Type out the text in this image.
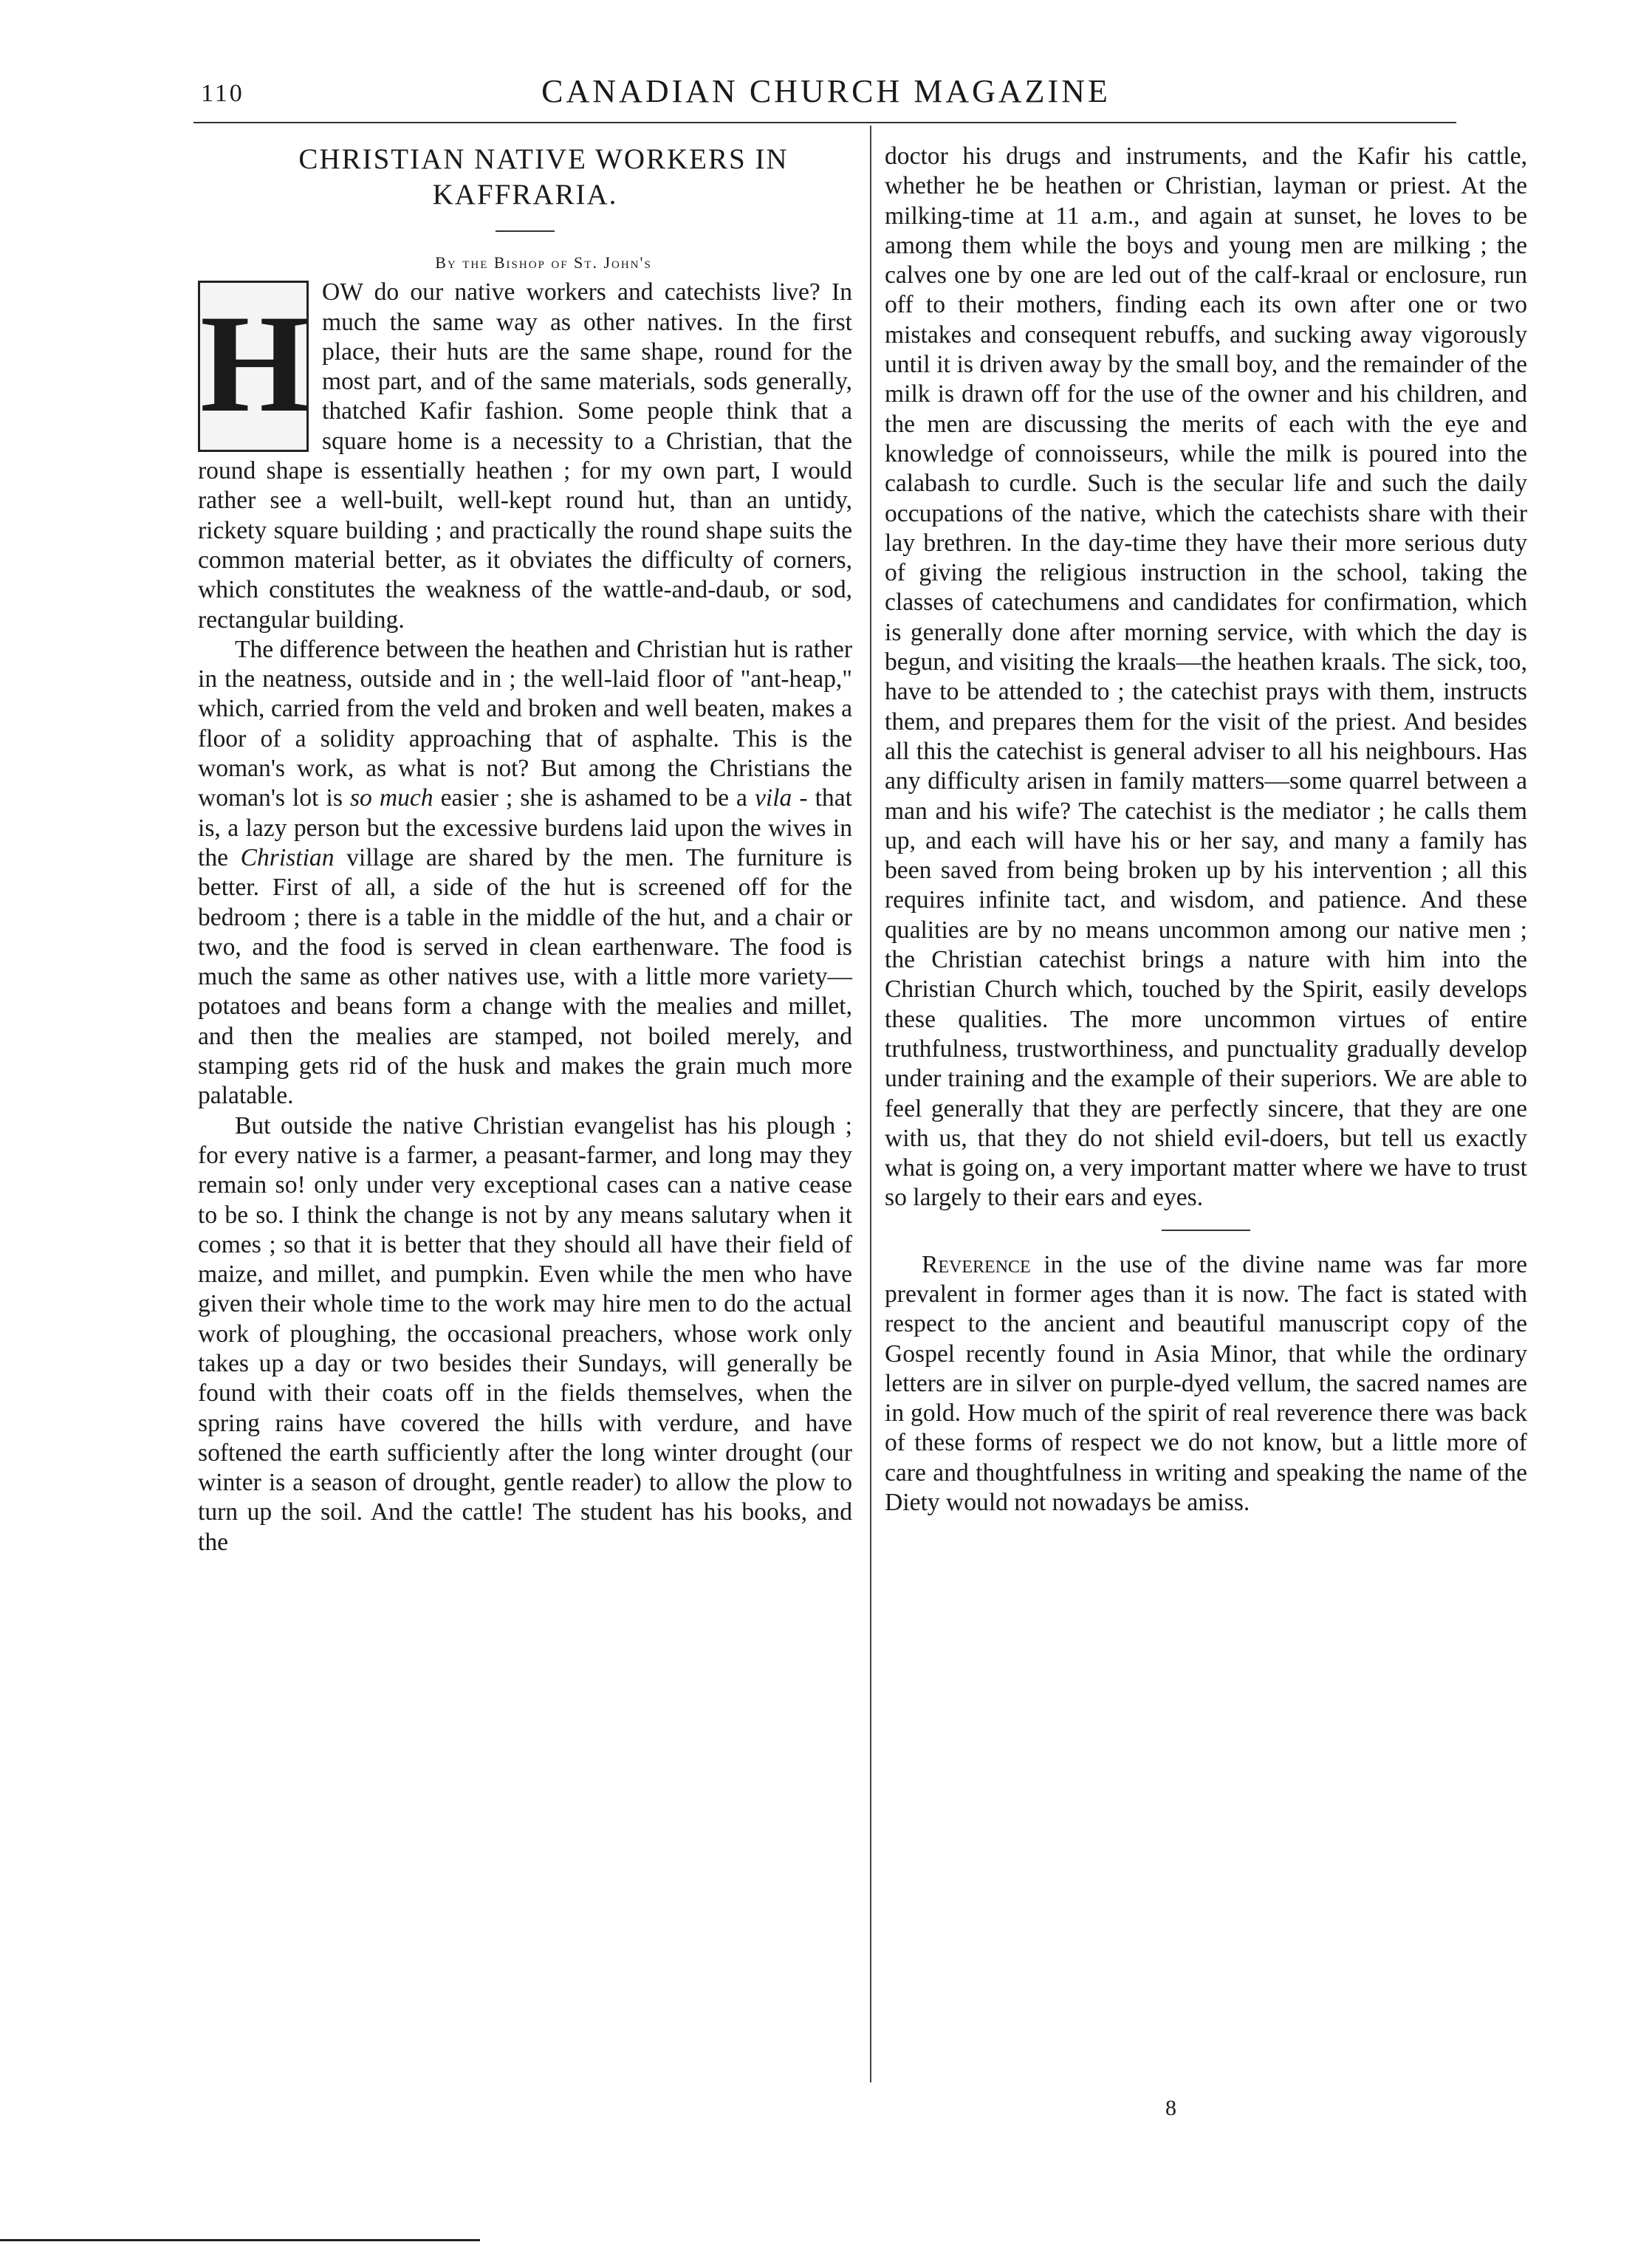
110	CANADIAN CHURCH MAGAZINE

CHRISTIAN NATIVE WORKERS IN KAFFRARIA.

By the Bishop of St. John's

H OW do our native workers and catechists live? In much the same way as other natives. In the first place, their huts are the same shape, round for the most part, and of the same materials, sods generally, thatched Kafir fashion. Some people think that a square home is a necessity to a Christian, that the round shape is essentially heathen ; for my own part, I would rather see a well-built, well-kept round hut, than an untidy, rickety square building ; and practically the round shape suits the common material better, as it obviates the difficulty of corners, which constitutes the weakness of the wattle-and-daub, or sod, rectangular building.

The difference between the heathen and Christian hut is rather in the neatness, outside and in ; the well-laid floor of "ant-heap," which, carried from the veld and broken and well beaten, makes a floor of a solidity approaching that of asphalte. This is the woman's work, as what is not? But among the Christians the woman's lot is so much easier ; she is ashamed to be a vila - that is, a lazy person but the excessive burdens laid upon the wives in the Christian village are shared by the men. The furniture is better. First of all, a side of the hut is screened off for the bedroom ; there is a table in the middle of the hut, and a chair or two, and the food is served in clean earthenware. The food is much the same as other natives use, with a little more variety— potatoes and beans form a change with the mealies and millet, and then the mealies are stamped, not boiled merely, and stamping gets rid of the husk and makes the grain much more palatable.

But outside the native Christian evangelist has his plough ; for every native is a farmer, a peasant-farmer, and long may they remain so! only under very exceptional cases can a native cease to be so. I think the change is not by any means salutary when it comes ; so that it is better that they should all have their field of maize, and millet, and pumpkin. Even while the men who have given their whole time to the work may hire men to do the actual work of ploughing, the occasional preachers, whose work only takes up a day or two besides their Sundays, will generally be found with their coats off in the fields themselves, when the spring rains have covered the hills with verdure, and have softened the earth sufficiently after the long winter drought (our winter is a season of drought, gentle reader) to allow the plow to turn up the soil. And the cattle! The student has his books, and the

doctor his drugs and instruments, and the Kafir his cattle, whether he be heathen or Christian, layman or priest. At the milking-time at 11 a.m., and again at sunset, he loves to be among them while the boys and young men are milking ; the calves one by one are led out of the calf-kraal or enclosure, run off to their mothers, finding each its own after one or two mistakes and consequent rebuffs, and sucking away vigorously until it is driven away by the small boy, and the remainder of the milk is drawn off for the use of the owner and his children, and the men are discussing the merits of each with the eye and knowledge of connoisseurs, while the milk is poured into the calabash to curdle. Such is the secular life and such the daily occupations of the native, which the catechists share with their lay brethren. In the day-time they have their more serious duty of giving the religious instruction in the school, taking the classes of catechumens and candidates for confirmation, which is generally done after morning service, with which the day is begun, and visiting the kraals—the heathen kraals. The sick, too, have to be attended to ; the catechist prays with them, instructs them, and prepares them for the visit of the priest. And besides all this the catechist is general adviser to all his neighbours. Has any difficulty arisen in family matters—some quarrel between a man and his wife? The catechist is the mediator ; he calls them up, and each will have his or her say, and many a family has been saved from being broken up by his intervention ; all this requires infinite tact, and wisdom, and patience. And these qualities are by no means uncommon among our native men ; the Christian catechist brings a nature with him into the Christian Church which, touched by the Spirit, easily develops these qualities. The more uncommon virtues of entire truthfulness, trustworthiness, and punctuality gradually develop under training and the example of their superiors. We are able to feel generally that they are perfectly sincere, that they are one with us, that they do not shield evil-doers, but tell us exactly what is going on, a very important matter where we have to trust so largely to their ears and eyes.

Reverence in the use of the divine name was far more prevalent in former ages than it is now. The fact is stated with respect to the ancient and beautiful manuscript copy of the Gospel recently found in Asia Minor, that while the ordinary letters are in silver on purple-dyed vellum, the sacred names are in gold. How much of the spirit of real reverence there was back of these forms of respect we do not know, but a little more of care and thoughtfulness in writing and speaking the name of the Diety would not nowadays be amiss.

8
